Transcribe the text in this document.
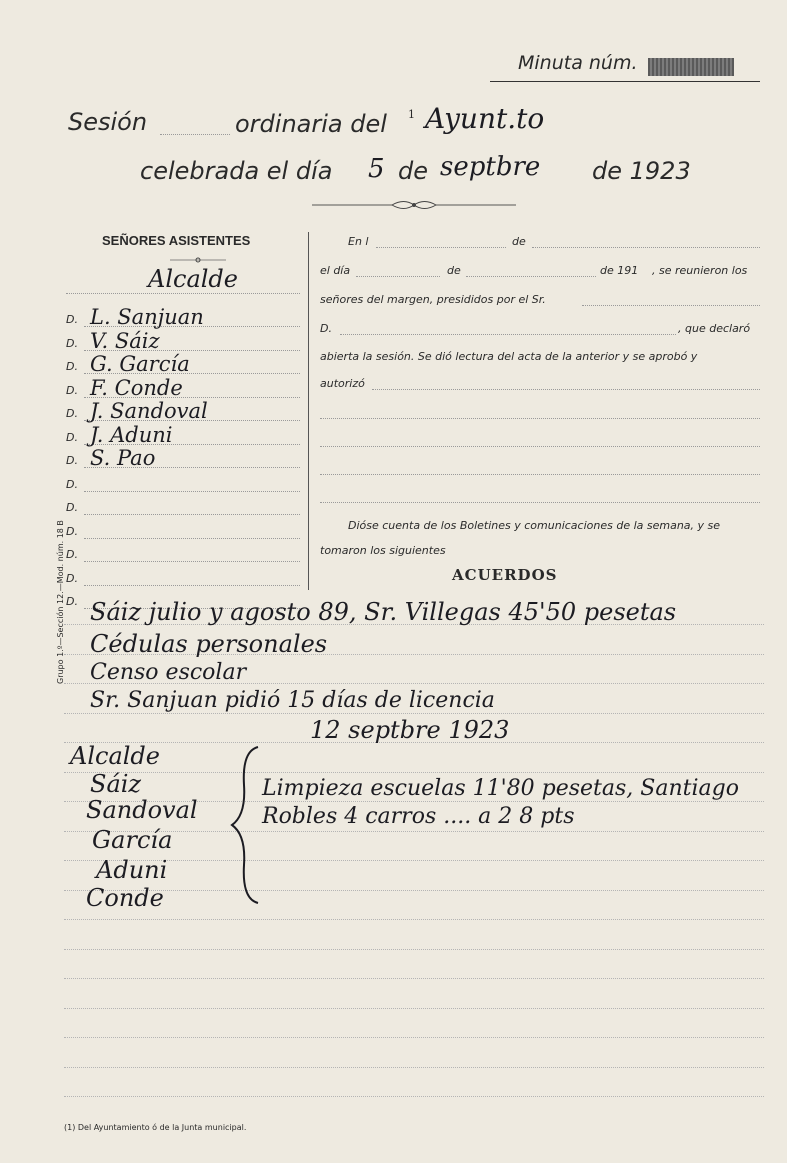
Minuta núm.
Sesión	ordinaria del 1 Ayunt.to
celebrada el día 5 de septbre de 1923
SEÑORES ASISTENTES
Alcalde
D. L. Sanjuan
D. V. Sáiz
D. G. García
D. F. Conde
D. J. Sandoval
D. J. Aduni
D. S. Pao
D.
D.
D.
D.
D.
D.
En l	de
el día	de	de 191 , se reunieron los
señores del margen, presididos por el Sr.
D.	, que declaró
abierta la sesión. Se dió lectura del acta de la anterior y se aprobó y
autorizó
Dióse cuenta de los Boletines y comunicaciones de la semana, y se
tomaron los siguientes
ACUERDOS
Grupo 1.º—Sección 12.—Mod. núm. 18 B Sáiz julio y agosto 89, Sr. Villegas 45'50 pesetas
Cédulas personales
Censo escolar
Sr. Sanjuan pidió 15 días de licencia
12 septbre 1923
Alcalde
Sáiz
Sandoval
García
Aduni
Conde
Limpieza escuelas 11'80 pesetas, Santiago
Robles 4 carros .... a 2 8 pts
(1) Del Ayuntamiento ó de la Junta municipal.
